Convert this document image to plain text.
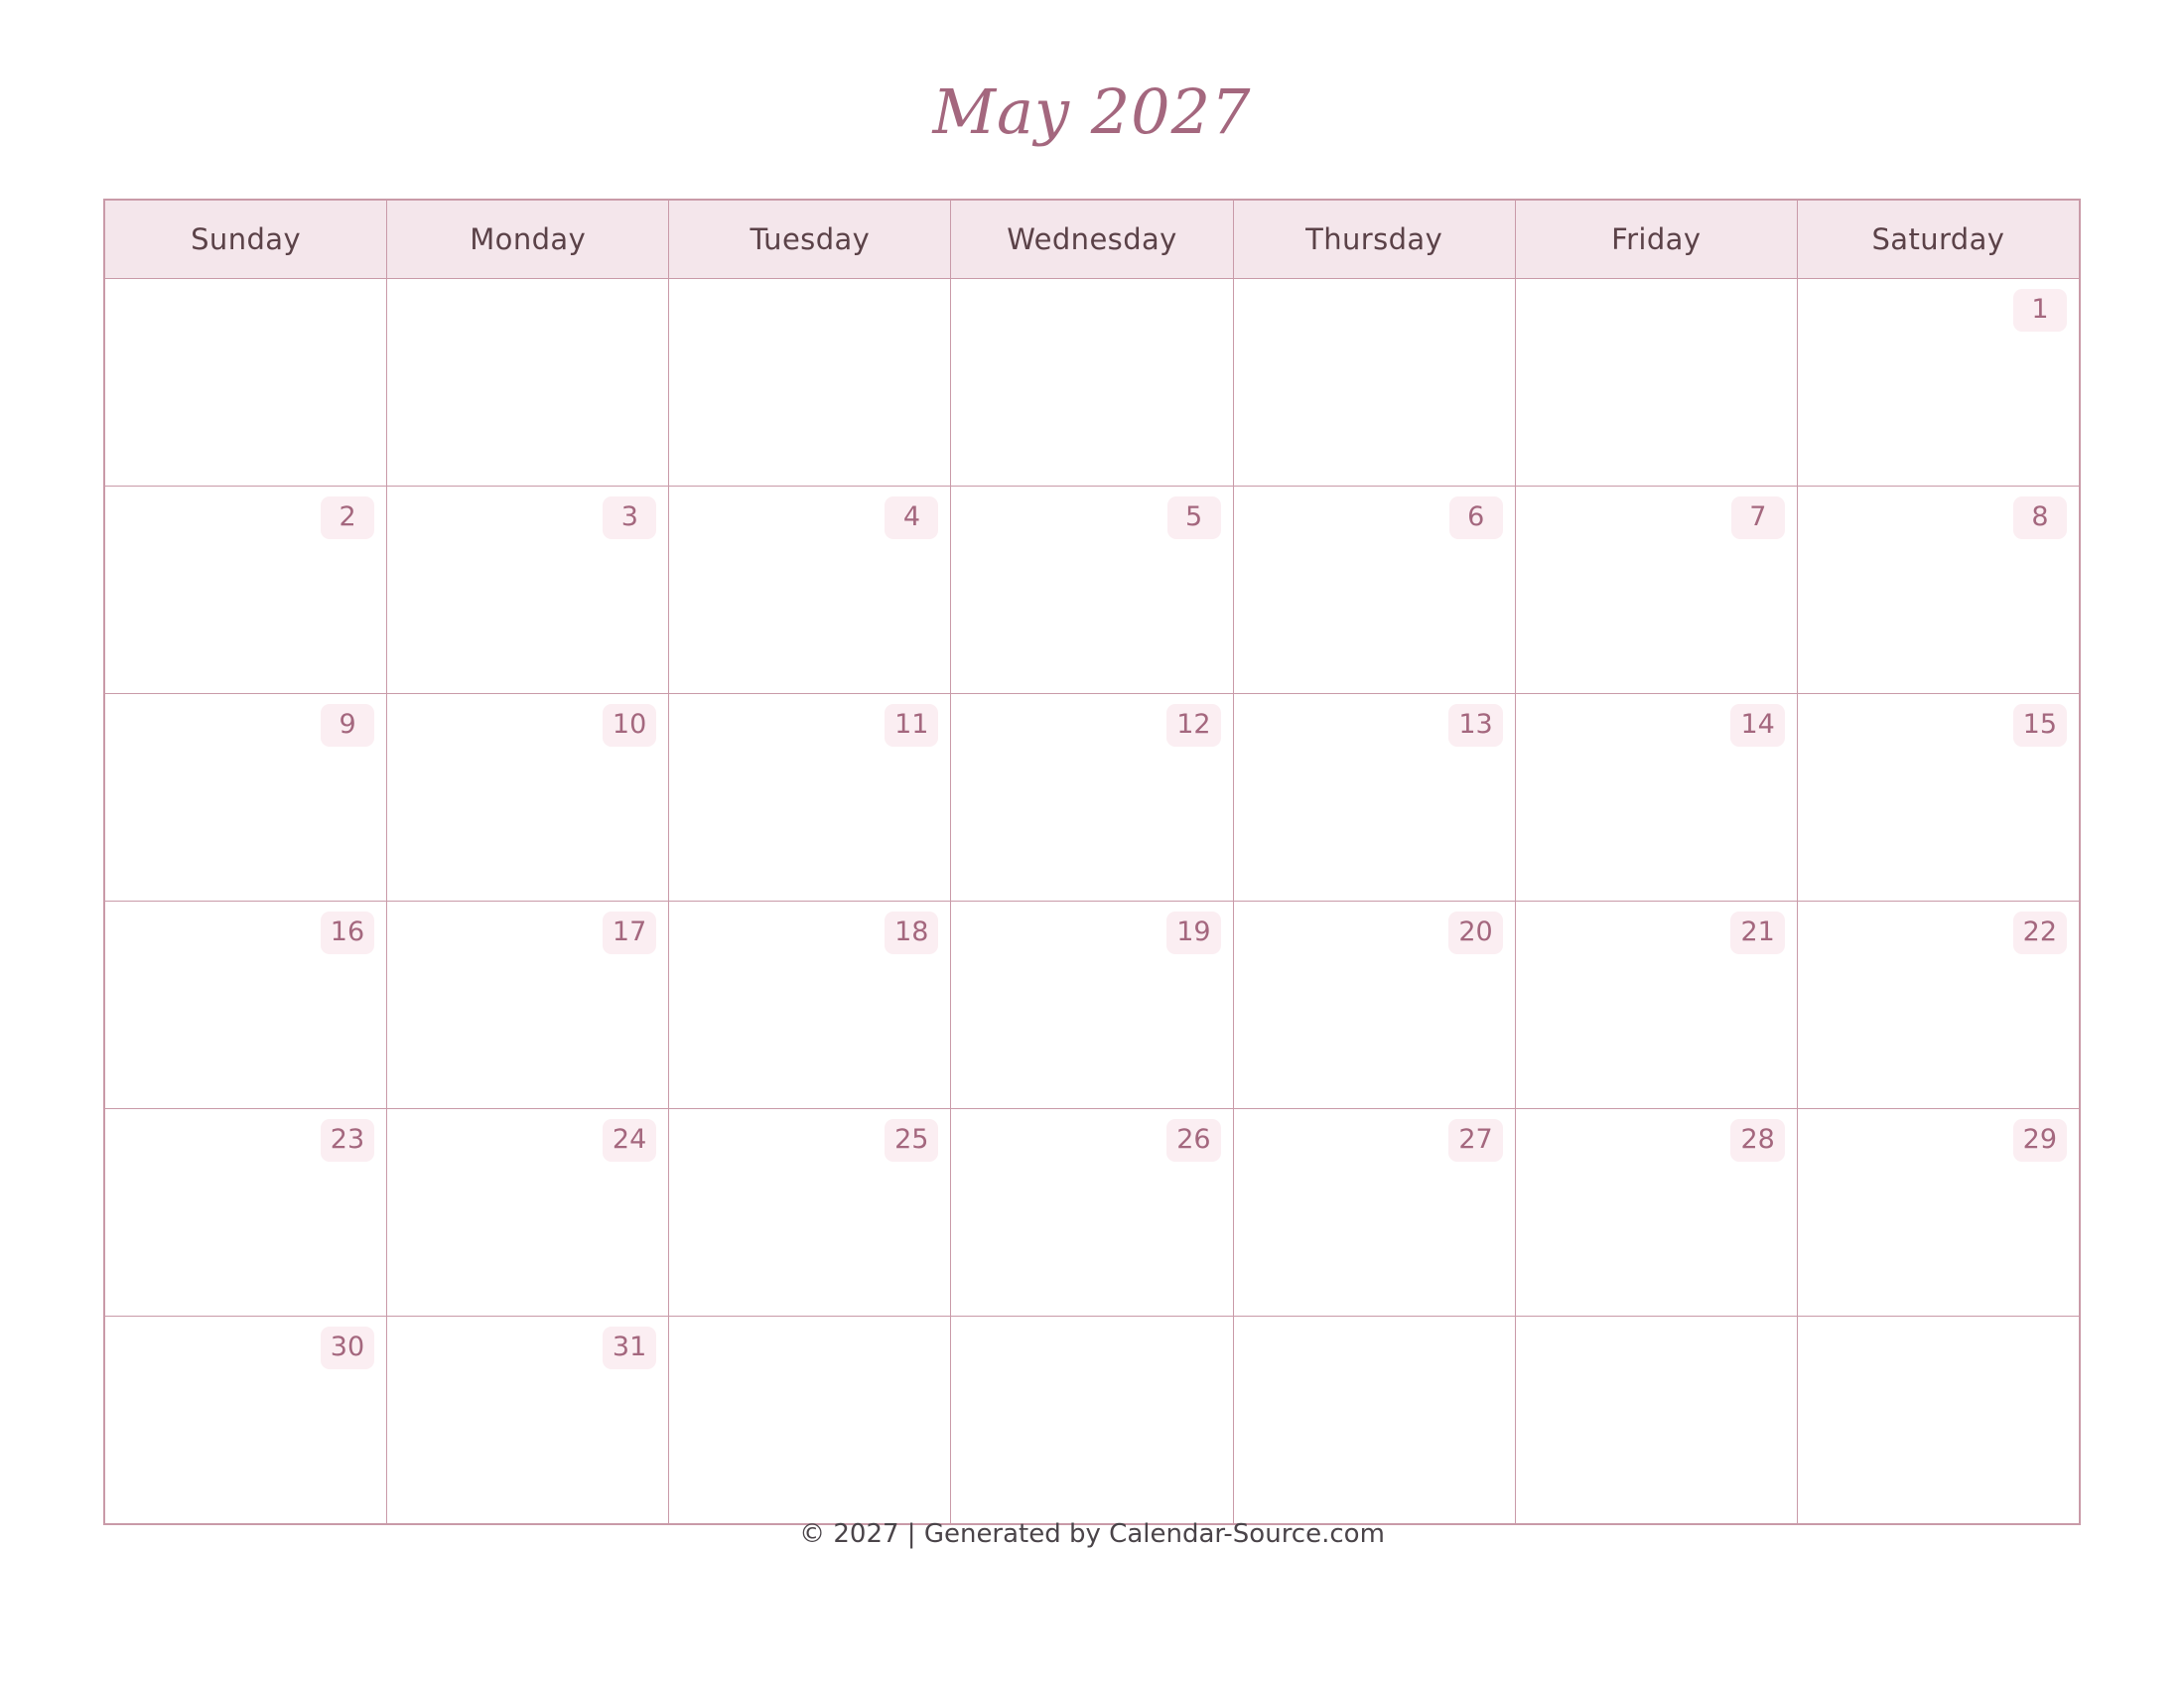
May 2027
Sunday	Monday	Tuesday	Wednesday	Thursday	Friday	Saturday

						1

2	3	4	5	6	7	8

9	10	11	12	13	14	15

16	17	18	19	20	21	22

23	24	25	26	27	28	29

30	31					

© 2027 | Generated by Calendar-Source.com
